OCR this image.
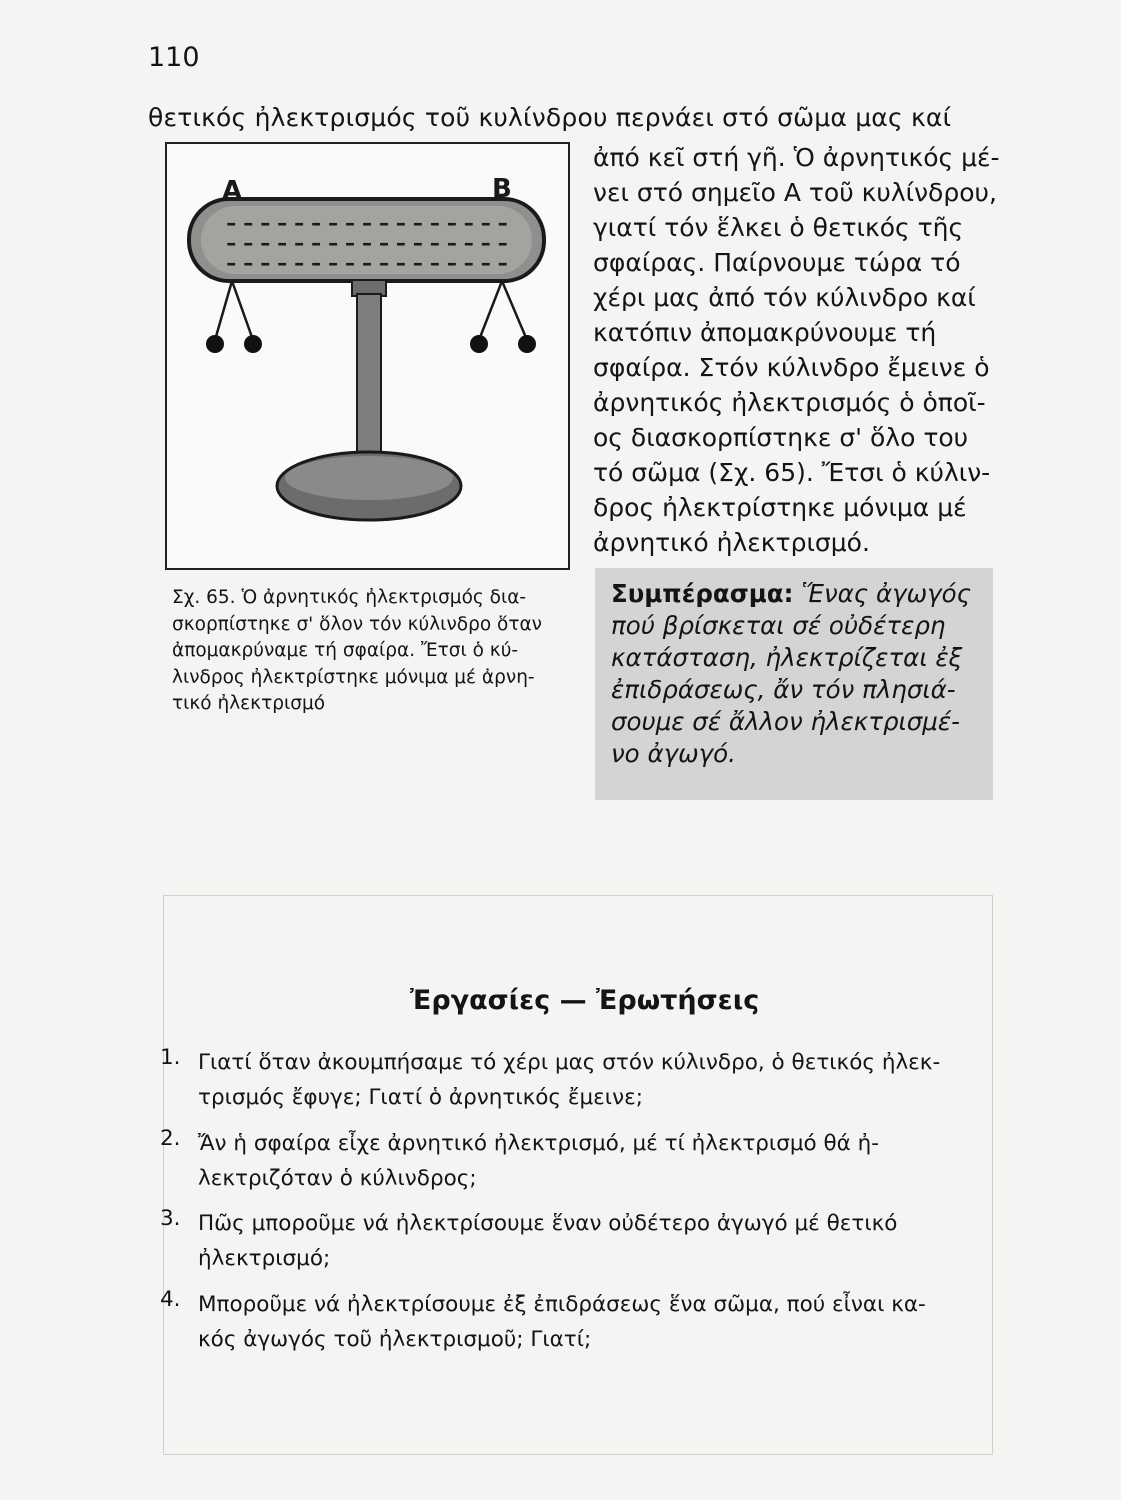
110
θετικός ἠλεκτρισμός τοῦ κυλίνδρου περνάει στό σῶμα μας καί
– – – – – – – – – – – – – – – – –
– – – – – – – – – – – – – – – – –
– – – – – – – – – – – – – – – – –
A	B
ἀπό κεῖ στή γῆ. Ὁ ἀρνητικός μέ-
νει στό σημεῖο A τοῦ κυλίνδρου,
γιατί τόν ἕλκει ὁ θετικός τῆς
σφαίρας. Παίρνουμε τώρα τό
χέρι μας ἀπό τόν κύλινδρο καί
κατόπιν ἀπομακρύνουμε τή
σφαίρα. Στόν κύλινδρο ἔμεινε ὁ
ἀρνητικός ἠλεκτρισμός ὁ ὁποῖ-
ος διασκορπίστηκε σ' ὅλο του
τό σῶμα (Σχ. 65). Ἔτσι ὁ κύλιν-
δρος ἠλεκτρίστηκε μόνιμα μέ
ἀρνητικό ἠλεκτρισμό.
Σχ. 65. Ὁ ἀρνητικός ἠλεκτρισμός δια-
σκορπίστηκε σ' ὅλον τόν κύλινδρο ὅταν
ἀπομακρύναμε τή σφαίρα. Ἔτσι ὁ κύ-
λινδρος ἠλεκτρίστηκε μόνιμα μέ ἀρνη-
τικό ἠλεκτρισμό
Συμπέρασμα: Ἕνας ἀγωγός
πού βρίσκεται σέ οὐδέτερη
κατάσταση, ἠλεκτρίζεται ἐξ
ἐπιδράσεως, ἄν τόν πλησιά-
σουμε σέ ἄλλον ἠλεκτρισμέ-
νο ἀγωγό.
Ἐργασίες — Ἐρωτήσεις
1. Γιατί ὅταν ἀκουμπήσαμε τό χέρι μας στόν κύλινδρο, ὁ θετικός ἠλεκ-
τρισμός ἔφυγε; Γιατί ὁ ἀρνητικός ἔμεινε;
2. Ἄν ἡ σφαίρα εἶχε ἀρνητικό ἠλεκτρισμό, μέ τί ἠλεκτρισμό θά ἠ-
λεκτριζόταν ὁ κύλινδρος;
3. Πῶς μποροῦμε νά ἠλεκτρίσουμε ἕναν οὐδέτερο ἀγωγό μέ θετικό
ἠλεκτρισμό;
4. Μποροῦμε νά ἠλεκτρίσουμε ἐξ ἐπιδράσεως ἕνα σῶμα, πού εἶναι κα-
κός ἀγωγός τοῦ ἠλεκτρισμοῦ; Γιατί;
